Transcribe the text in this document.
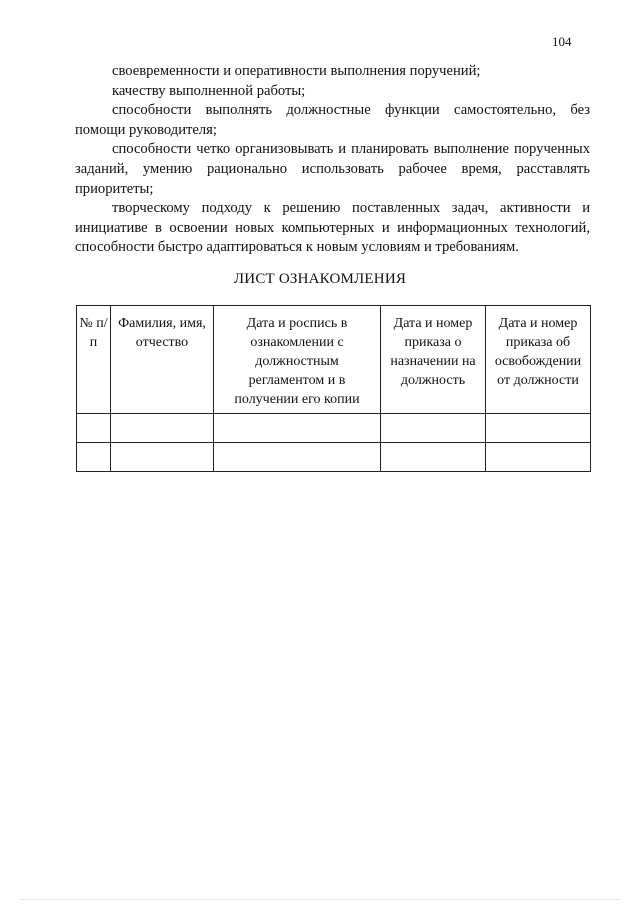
104

своевременности и оперативности выполнения поручений;

качеству выполненной работы;

способности выполнять должностные функции самостоятельно, без помощи руководителя;

способности четко организовывать и планировать выполнение порученных заданий, умению рационально использовать рабочее время, расставлять приоритеты;

творческому подходу к решению поставленных задач, активности и инициативе в освоении новых компьютерных и информационных технологий, способности быстро адаптироваться к новым условиям и требованиям.

ЛИСТ ОЗНАКОМЛЕНИЯ
№ п/п	Фамилия, имя, отчество	Дата и роспись в ознакомлении с должностным регламентом и в получении его копии	Дата и номер приказа о назначении на должность	Дата и номер приказа об освобождении от должности
